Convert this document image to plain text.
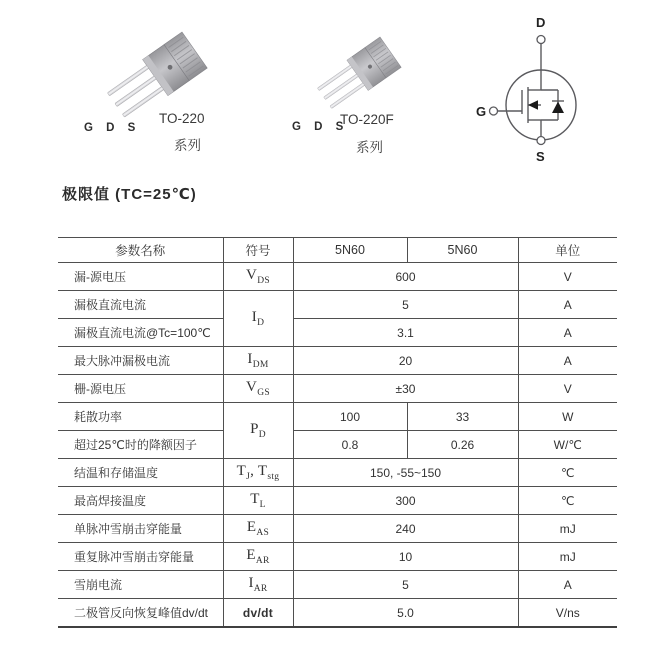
G D S
TO-220
系列
G D S
TO-220F
系列
D
G
S
极限值 (TC=25℃)
参数名称	符号	5N60	5N60	单位
漏-源电压	$V_{DS}$	600		V
漏极直流电流	$I_D$	5		A
漏极直流电流@Tc=100℃		3.1		A
最大脉冲漏极电流	$I_{DM}$	20		A
栅-源电压	$V_{GS}$	±30		V
耗散功率	$P_D$	100	33	W
超过25℃时的降额因子		0.8	0.26	W/℃
结温和存储温度	$T_J$, $T_{stg}$	150, -55~150		℃
最高焊接温度	$T_L$	300		℃
单脉冲雪崩击穿能量	$E_{AS}$	240		mJ
重复脉冲雪崩击穿能量	$E_{AR}$	10		mJ
雪崩电流	$I_{AR}$	5		A
二极管反向恢复峰值dv/dt	dv/dt	5.0		V/ns
